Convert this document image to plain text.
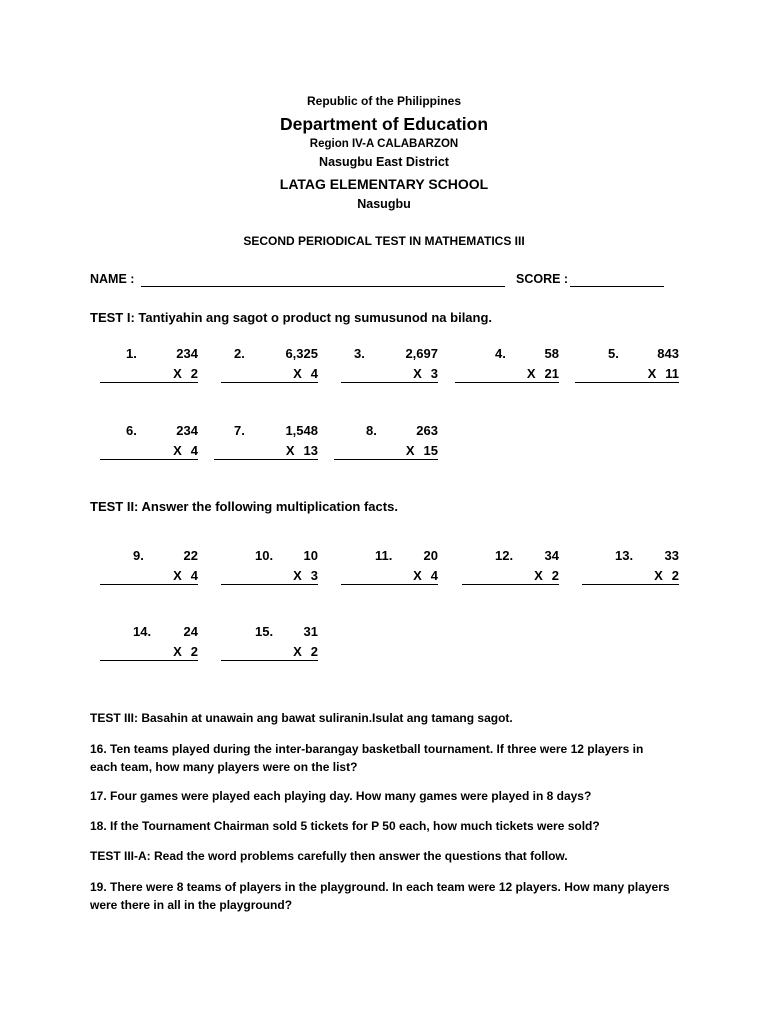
Republic of the Philippines
Department of Education
Region IV-A CALABARZON
Nasugbu East District
LATAG ELEMENTARY SCHOOL
Nasugbu
SECOND PERIODICAL TEST IN MATHEMATICS III
NAME :	SCORE :
TEST I: Tantiyahin ang sagot o product ng sumusunod na bilang.
1.	234
X 2
2.	6,325
X 4
3.	2,697
X 3
4.	58
X 21
5.	843
X 11
6.	234
X 4
7.	1,548
X 13
8.	263
X 15
TEST II: Answer the following multiplication facts.
9.	22
X 4
10. 10
X 3
11. 20
X 4
12. 34
X 2
13. 33
X 2
14. 24
X 2
15. 31
X 2
TEST III: Basahin at unawain ang bawat suliranin.Isulat ang tamang sagot.
16. Ten teams played during the inter-barangay basketball tournament. If three were 12 players in each team, how many players were on the list?
17. Four games were played each playing day. How many games were played in 8 days?
18. If the Tournament Chairman sold 5 tickets for P 50 each, how much tickets were sold?
TEST III-A: Read the word problems carefully then answer the questions that follow.
19. There were 8 teams of players in the playground. In each team were 12 players. How many players were there in all in the playground?
